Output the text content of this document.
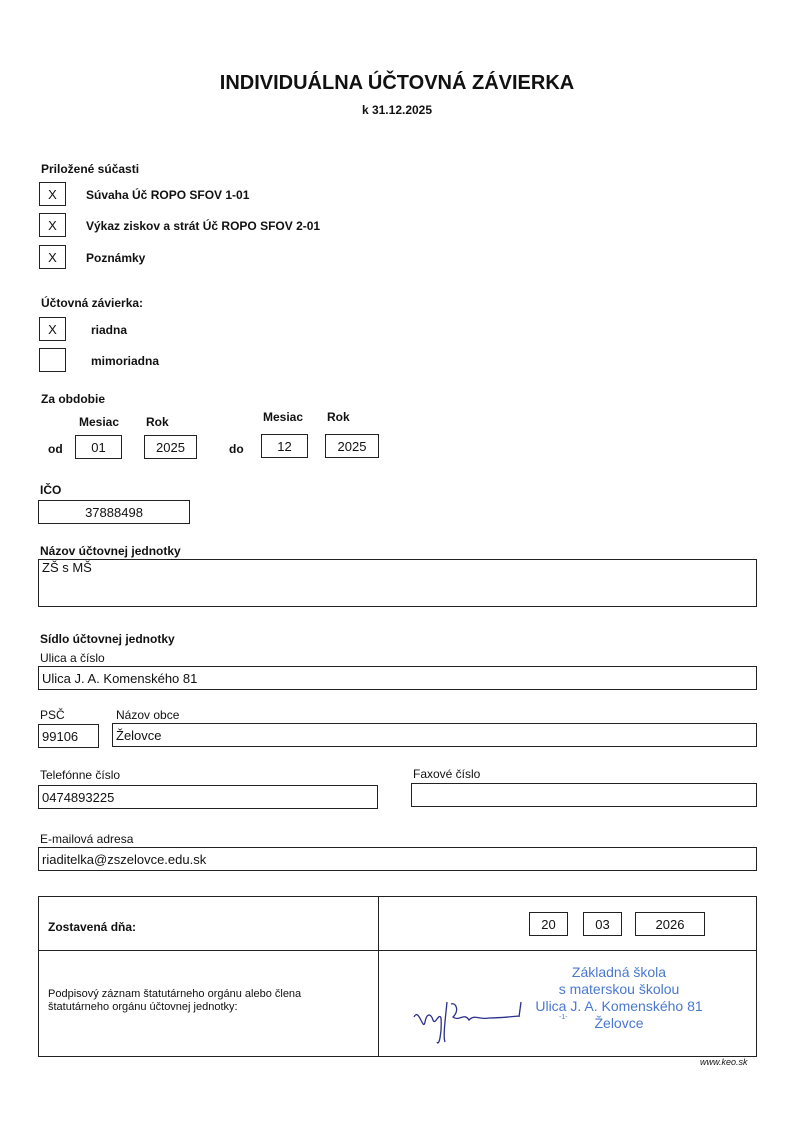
INDIVIDUÁLNA ÚČTOVNÁ ZÁVIERKA
k 31.12.2025
Priložené súčasti
X	Súvaha Úč ROPO SFOV 1-01
X	Výkaz ziskov a strát Úč ROPO SFOV 2-01
X	Poznámky
Účtovná závierka:
X	riadna
mimoriadna
Za obdobie
Mesiac Rok	Mesiac Rok
od	01	2025	do	12	2025
IČO
37888498
Názov účtovnej jednotky
ZŠ s MŠ
Sídlo účtovnej jednotky
Ulica a číslo
Ulica J. A. Komenského 81
PSČ	Názov obce
99106	Želovce
Telefónne číslo
0474893225
Faxové číslo
E-mailová adresa
riaditelka@zszelovce.edu.sk
Zostavená dňa:	20	03	2026
Podpisový záznam štatutárneho orgánu alebo člena štatutárneho orgánu účtovnej jednotky:
Základná škola
s materskou školou
Ulica J. A. Komenského 81
Želovce
-1-
www.keo.sk
